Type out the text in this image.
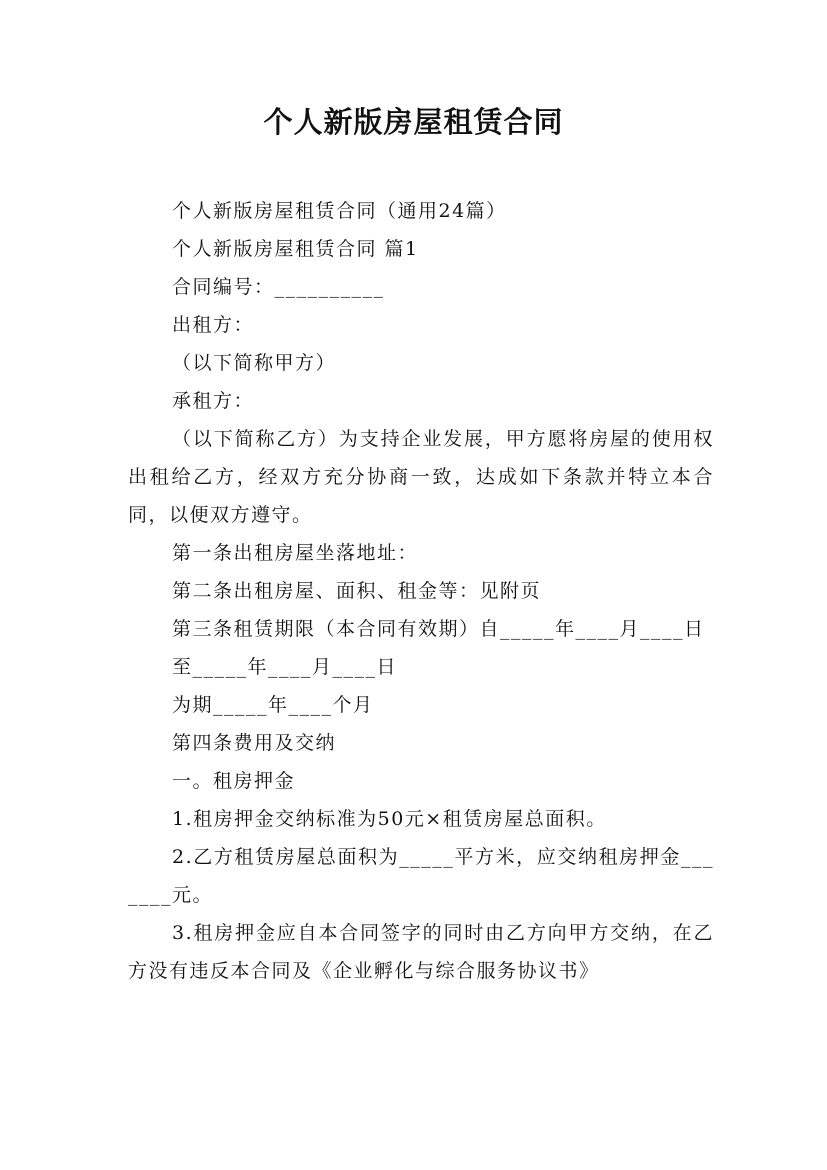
个人新版房屋租赁合同

个人新版房屋租赁合同（通用24篇）

个人新版房屋租赁合同 篇1

合同编号：__________

出租方：

（以下简称甲方）

承租方：

（以下简称乙方）为支持企业发展，甲方愿将房屋的使用权出租给乙方，经双方充分协商一致，达成如下条款并特立本合同，以便双方遵守。

第一条出租房屋坐落地址：

第二条出租房屋、面积、租金等：见附页

第三条租赁期限（本合同有效期）自_____年____月____日

至_____年____月____日

为期_____年____个月

第四条费用及交纳

一。租房押金

1.租房押金交纳标准为50元×租赁房屋总面积。

2.乙方租赁房屋总面积为_____平方米，应交纳租房押金_______元。

3.租房押金应自本合同签字的同时由乙方向甲方交纳，在乙方没有违反本合同及《企业孵化与综合服务协议书》
